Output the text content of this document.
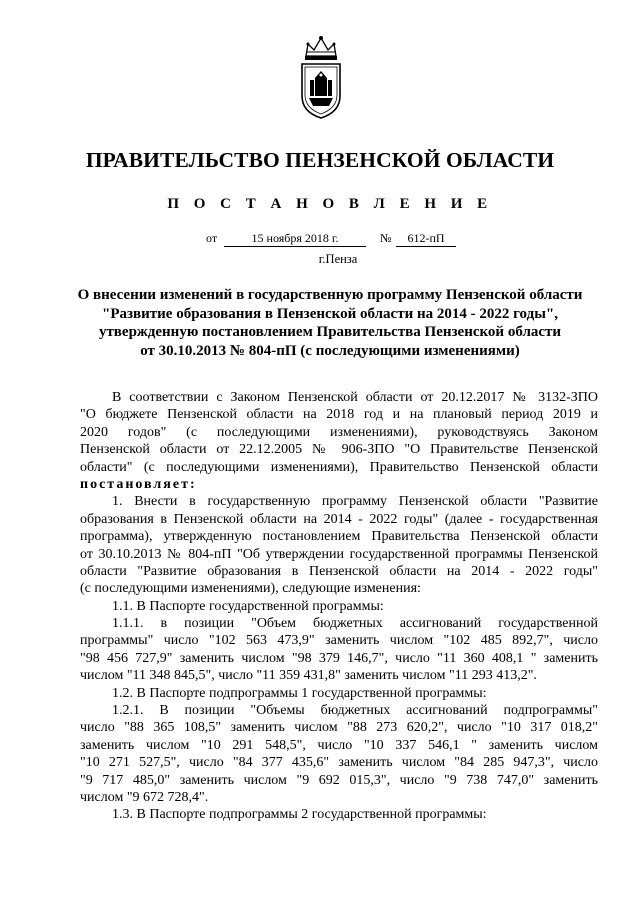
ПРАВИТЕЛЬСТВО ПЕНЗЕНСКОЙ ОБЛАСТИ
П О С Т А Н О В Л Е Н И Е
от	15 ноября 2018 г.	№	612-пП
г.Пенза
О внесении изменений в государственную программу Пензенской области
"Развитие образования в Пензенской области на 2014 - 2022 годы",
утвержденную постановлением Правительства Пензенской области
от 30.10.2013 № 804-пП (с последующими изменениями)
В соответствии с Законом Пензенской области от 20.12.2017 № 3132-ЗПО
"О бюджете Пензенской области на 2018 год и на плановый период 2019 и
2020 годов" (с последующими изменениями), руководствуясь Законом
Пензенской области от 22.12.2005 № 906-ЗПО "О Правительстве Пензенской
области" (с последующими изменениями), Правительство Пензенской области
постановляет:
1. Внести в государственную программу Пензенской области "Развитие
образования в Пензенской области на 2014 - 2022 годы" (далее - государственная
программа), утвержденную постановлением Правительства Пензенской области
от 30.10.2013 № 804-пП "Об утверждении государственной программы Пензенской
области "Развитие образования в Пензенской области на 2014 - 2022 годы"
(с последующими изменениями), следующие изменения:
1.1. В Паспорте государственной программы:
1.1.1. в позиции "Объем бюджетных ассигнований государственной
программы" число "102 563 473,9" заменить числом "102 485 892,7", число
"98 456 727,9" заменить числом "98 379 146,7", число "11 360 408,1 " заменить
числом "11 348 845,5", число "11 359 431,8" заменить числом "11 293 413,2".
1.2. В Паспорте подпрограммы 1 государственной программы:
1.2.1. В позиции "Объемы бюджетных ассигнований подпрограммы"
число "88 365 108,5" заменить числом "88 273 620,2", число "10 317 018,2"
заменить числом "10 291 548,5", число "10 337 546,1 " заменить числом
"10 271 527,5", число "84 377 435,6" заменить числом "84 285 947,3", число
"9 717 485,0" заменить числом "9 692 015,3", число "9 738 747,0" заменить
числом "9 672 728,4".
1.3. В Паспорте подпрограммы 2 государственной программы:
